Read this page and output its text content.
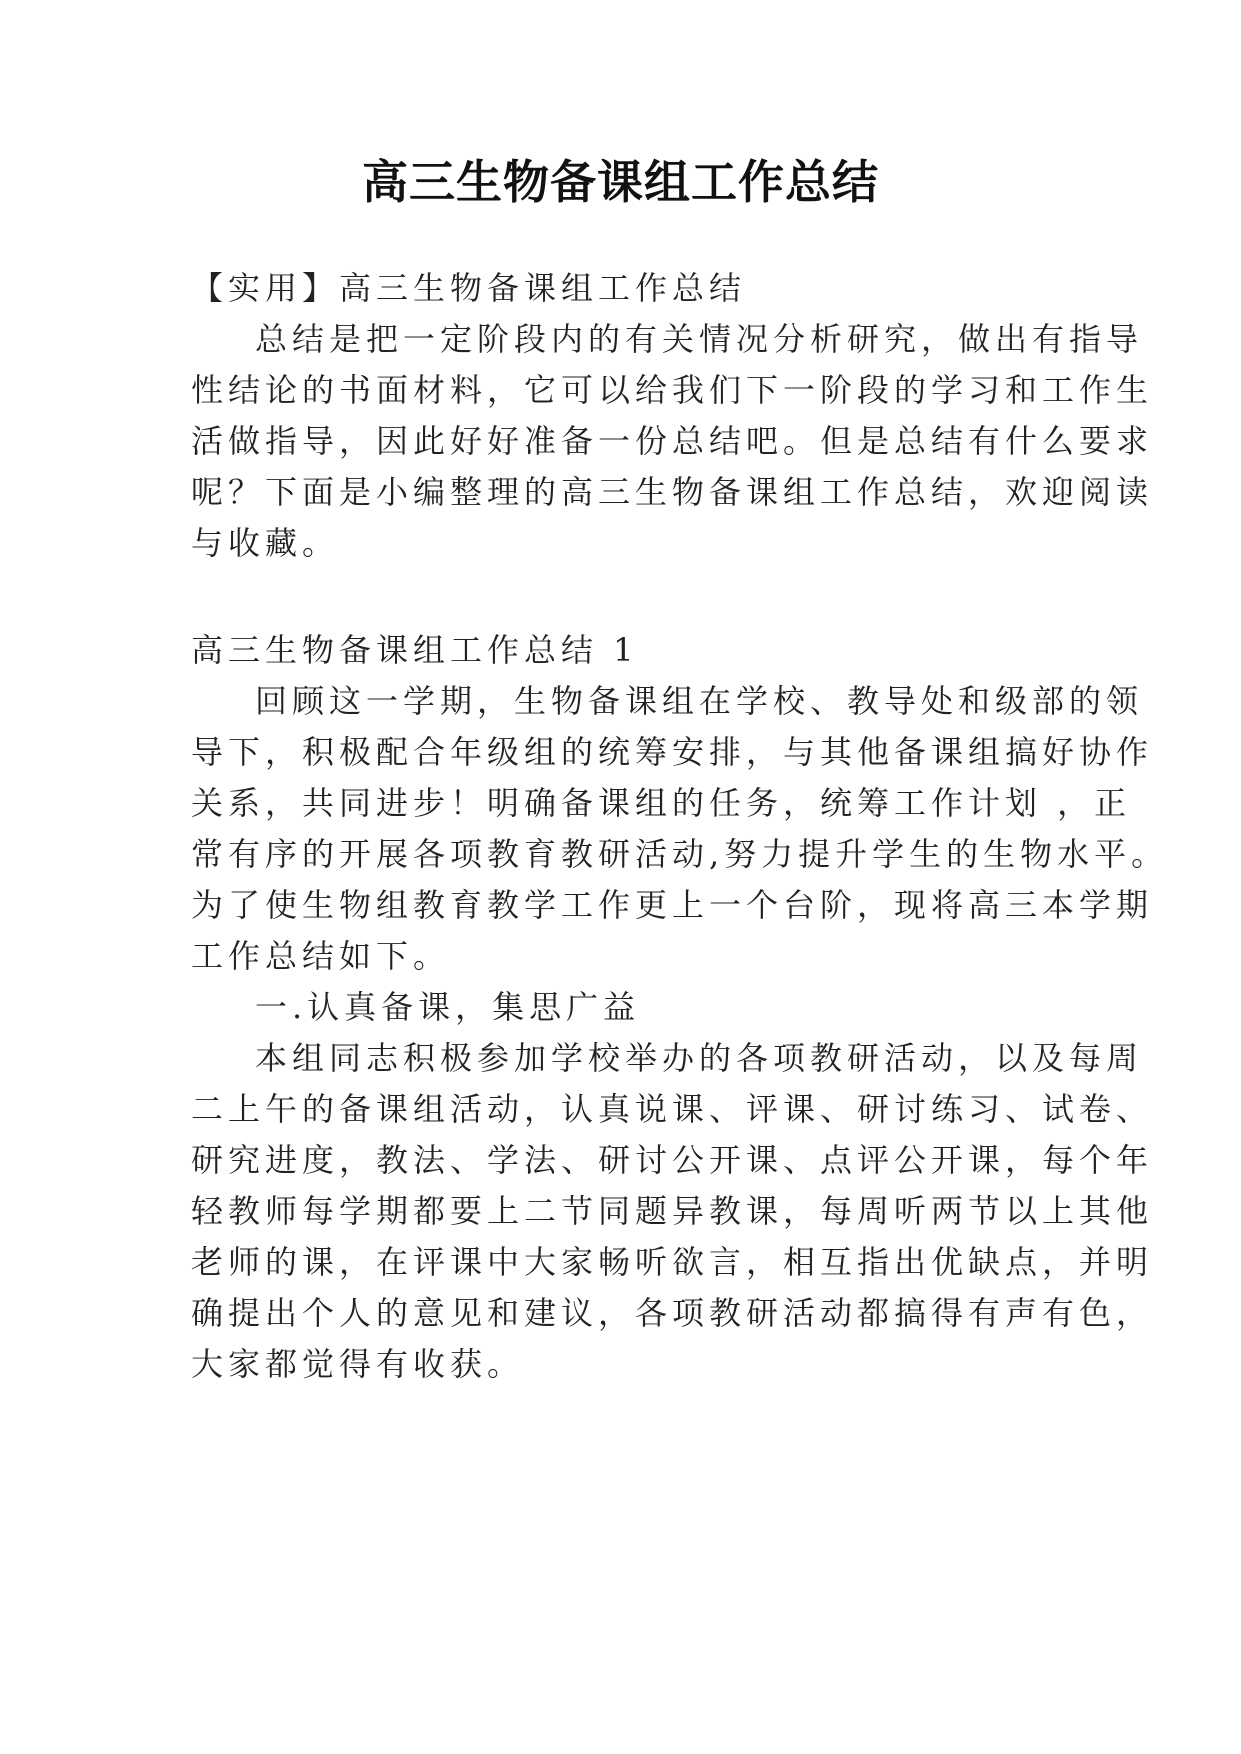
高三生物备课组工作总结
【实用】高三生物备课组工作总结
总结是把一定阶段内的有关情况分析研究，做出有指导
性结论的书面材料，它可以给我们下一阶段的学习和工作生
活做指导，因此好好准备一份总结吧。但是总结有什么要求
呢？下面是小编整理的高三生物备课组工作总结，欢迎阅读
与收藏。
高三生物备课组工作总结 1
回顾这一学期，生物备课组在学校、教导处和级部的领
导下，积极配合年级组的统筹安排，与其他备课组搞好协作
关系，共同进步！明确备课组的任务，统筹工作计划 ，正
常有序的开展各项教育教研活动,努力提升学生的生物水平。
为了使生物组教育教学工作更上一个台阶，现将高三本学期
工作总结如下。
一.认真备课，集思广益
本组同志积极参加学校举办的各项教研活动，以及每周
二上午的备课组活动，认真说课、评课、研讨练习、试卷、
研究进度，教法、学法、研讨公开课、点评公开课，每个年
轻教师每学期都要上二节同题异教课，每周听两节以上其他
老师的课，在评课中大家畅听欲言，相互指出优缺点，并明
确提出个人的意见和建议，各项教研活动都搞得有声有色，
大家都觉得有收获。
